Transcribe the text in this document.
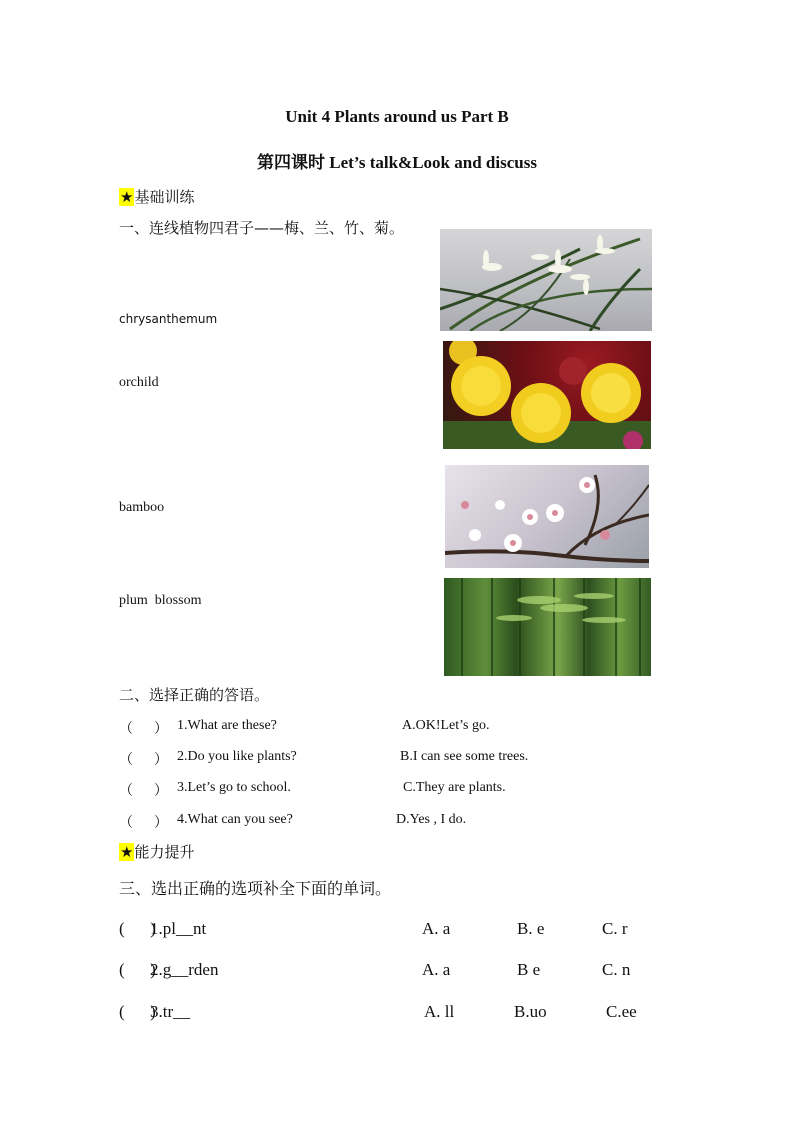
Unit 4 Plants around us Part B
第四课时 Let’s talk&Look and discuss
★基础训练
一、连线植物四君子——梅、兰、竹、菊。
chrysanthemum
orchild
bamboo
plum  blossom
二、选择正确的答语。
（      ） 1.What are these?	A.OK!Let’s go.
（      ） 2.Do you like plants?	B.I can see some trees.
（      ） 3.Let’s go to school.	C.They are plants.
（      ） 4.What can you see?	D.Yes , I do.
★能力提升
三、选出正确的选项补全下面的单词。
(      )
1.pl__nt	A. a	B. e	C. r
(      )
2.g__rden	A. a	B e	C. n
(      )
3.tr__	A. ll	B.uo	C.ee
